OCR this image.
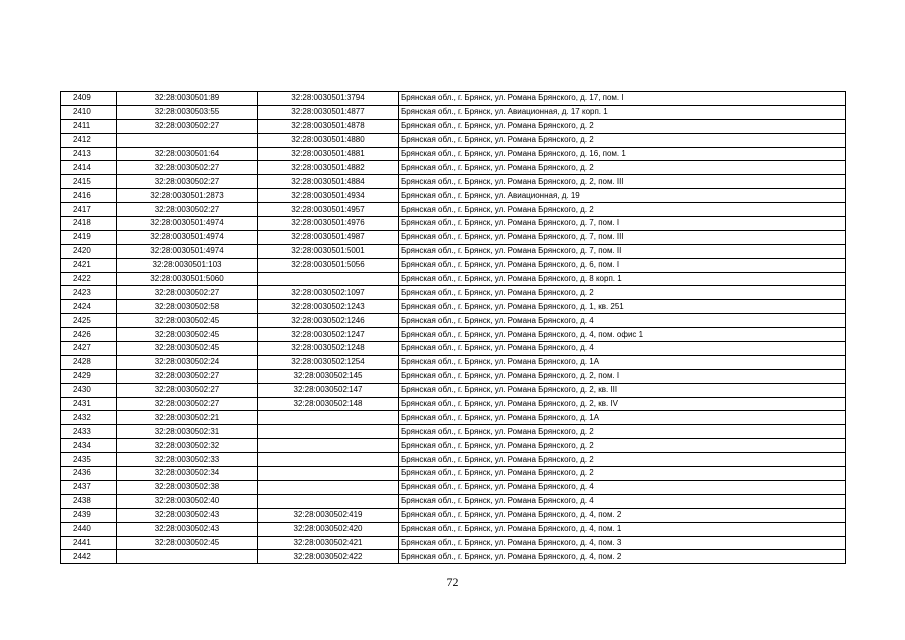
2409	32:28:0030501:89	32:28:0030501:3794	Брянская обл., г. Брянск, ул. Романа Брянского, д. 17, пом. I
2410	32:28:0030503:55	32:28:0030501:4877	Брянская обл., г. Брянск, ул. Авиационная, д. 17 корп. 1
2411	32:28:0030502:27	32:28:0030501:4878	Брянская обл., г. Брянск, ул. Романа Брянского, д. 2
2412		32:28:0030501:4880	Брянская обл., г. Брянск, ул. Романа Брянского, д. 2
2413	32:28:0030501:64	32:28:0030501:4881	Брянская обл., г. Брянск, ул. Романа Брянского, д. 16, пом. 1
2414	32:28:0030502:27	32:28:0030501:4882	Брянская обл., г. Брянск, ул. Романа Брянского, д. 2
2415	32:28:0030502:27	32:28:0030501:4884	Брянская обл., г. Брянск, ул. Романа Брянского, д. 2, пом. III
2416	32:28:0030501:2873	32:28:0030501:4934	Брянская обл., г. Брянск, ул. Авиационная, д. 19
2417	32:28:0030502:27	32:28:0030501:4957	Брянская обл., г. Брянск, ул. Романа Брянского, д. 2
2418	32:28:0030501:4974	32:28:0030501:4976	Брянская обл., г. Брянск, ул. Романа Брянского, д. 7, пом. I
2419	32:28:0030501:4974	32:28:0030501:4987	Брянская обл., г. Брянск, ул. Романа Брянского, д. 7, пом. III
2420	32:28:0030501:4974	32:28:0030501:5001	Брянская обл., г. Брянск, ул. Романа Брянского, д. 7, пом. II
2421	32:28:0030501:103	32:28:0030501:5056	Брянская обл., г. Брянск, ул. Романа Брянского, д. 6, пом. I
2422	32:28:0030501:5060		Брянская обл., г. Брянск, ул. Романа Брянского, д. 8 корп. 1
2423	32:28:0030502:27	32:28:0030502:1097	Брянская обл., г. Брянск, ул. Романа Брянского, д. 2
2424	32:28:0030502:58	32:28:0030502:1243	Брянская обл., г. Брянск, ул. Романа Брянского, д. 1, кв. 251
2425	32:28:0030502:45	32:28:0030502:1246	Брянская обл., г. Брянск, ул. Романа Брянского, д. 4
2426	32:28:0030502:45	32:28:0030502:1247	Брянская обл., г. Брянск, ул. Романа Брянского, д. 4, пом. офис 1
2427	32:28:0030502:45	32:28:0030502:1248	Брянская обл., г. Брянск, ул. Романа Брянского, д. 4
2428	32:28:0030502:24	32:28:0030502:1254	Брянская обл., г. Брянск, ул. Романа Брянского, д. 1А
2429	32:28:0030502:27	32:28:0030502:145	Брянская обл., г. Брянск, ул. Романа Брянского, д. 2, пом. I
2430	32:28:0030502:27	32:28:0030502:147	Брянская обл., г. Брянск, ул. Романа Брянского, д. 2, кв. III
2431	32:28:0030502:27	32:28:0030502:148	Брянская обл., г. Брянск, ул. Романа Брянского, д. 2, кв. IV
2432	32:28:0030502:21		Брянская обл., г. Брянск, ул. Романа Брянского, д. 1А
2433	32:28:0030502:31		Брянская обл., г. Брянск, ул. Романа Брянского, д. 2
2434	32:28:0030502:32		Брянская обл., г. Брянск, ул. Романа Брянского, д. 2
2435	32:28:0030502:33		Брянская обл., г. Брянск, ул. Романа Брянского, д. 2
2436	32:28:0030502:34		Брянская обл., г. Брянск, ул. Романа Брянского, д. 2
2437	32:28:0030502:38		Брянская обл., г. Брянск, ул. Романа Брянского, д. 4
2438	32:28:0030502:40		Брянская обл., г. Брянск, ул. Романа Брянского, д. 4
2439	32:28:0030502:43	32:28:0030502:419	Брянская обл., г. Брянск, ул. Романа Брянского, д. 4, пом. 2
2440	32:28:0030502:43	32:28:0030502:420	Брянская обл., г. Брянск, ул. Романа Брянского, д. 4, пом. 1
2441	32:28:0030502:45	32:28:0030502:421	Брянская обл., г. Брянск, ул. Романа Брянского, д. 4, пом. 3
2442		32:28:0030502:422	Брянская обл., г. Брянск, ул. Романа Брянского, д. 4, пом. 2
72
